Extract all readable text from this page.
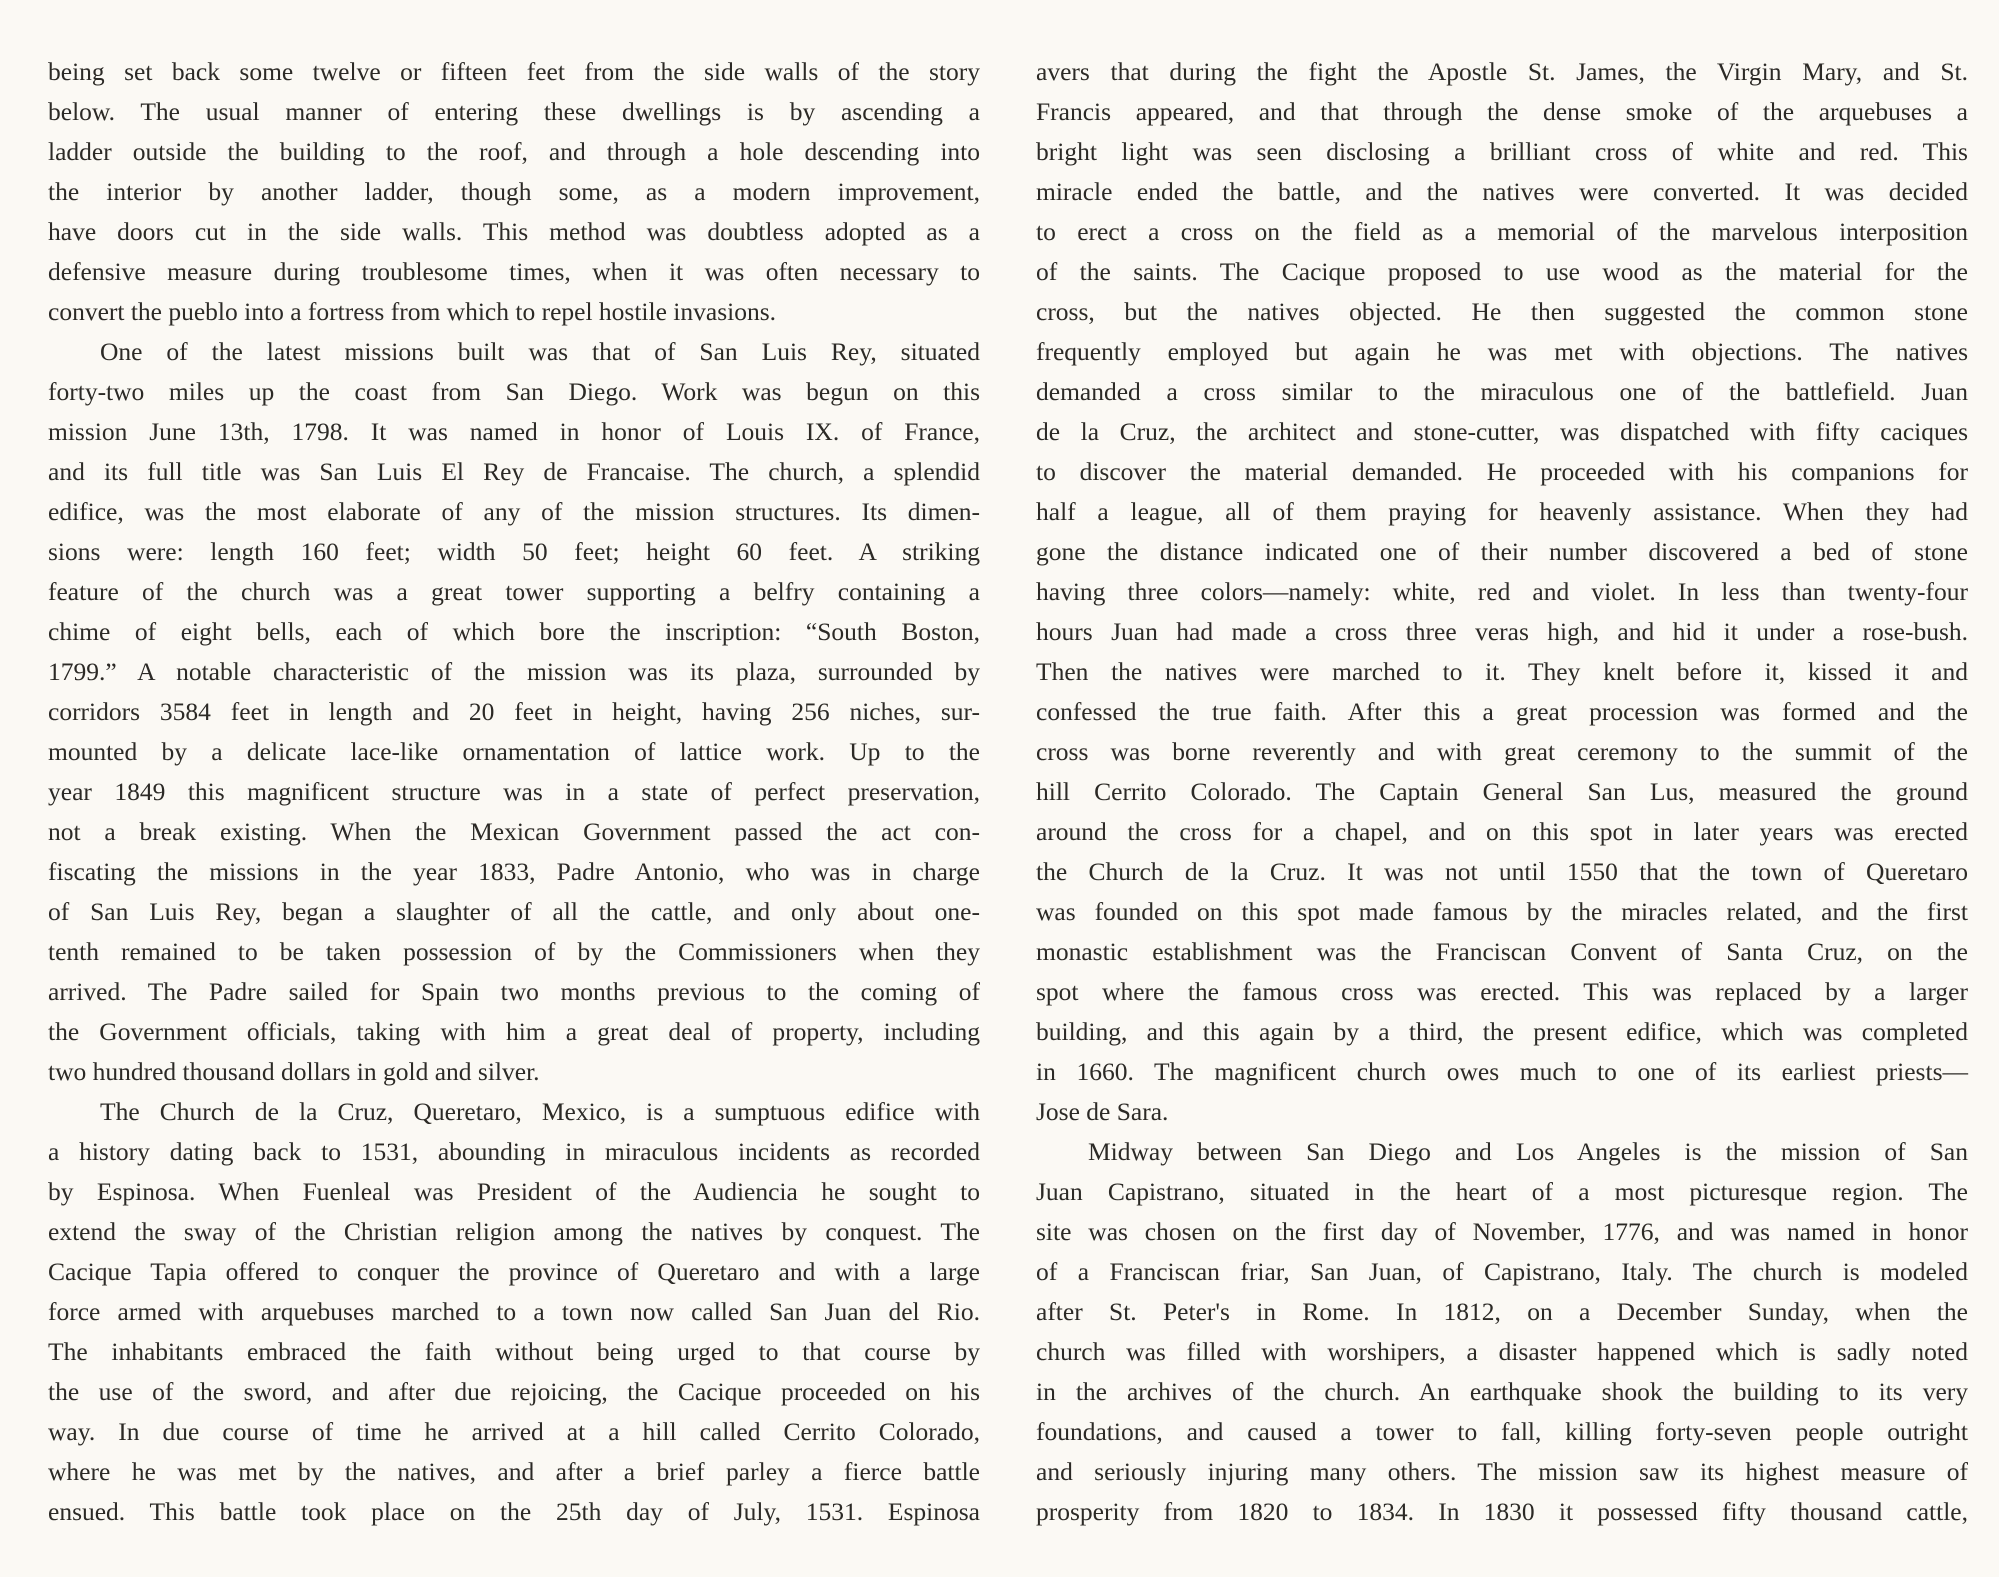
being set back some twelve or fifteen feet from the side walls of the story
below. The usual manner of entering these dwellings is by ascending a
ladder outside the building to the roof, and through a hole descending into
the interior by another ladder, though some, as a modern improvement,
have doors cut in the side walls. This method was doubtless adopted as a
defensive measure during troublesome times, when it was often necessary to
convert the pueblo into a fortress from which to repel hostile invasions.
One of the latest missions built was that of San Luis Rey, situated
forty-two miles up the coast from San Diego. Work was begun on this
mission June 13th, 1798. It was named in honor of Louis IX. of France,
and its full title was San Luis El Rey de Francaise. The church, a splendid
edifice, was the most elaborate of any of the mission structures. Its dimen-
sions were: length 160 feet; width 50 feet; height 60 feet. A striking
feature of the church was a great tower supporting a belfry containing a
chime of eight bells, each of which bore the inscription: “South Boston,
1799.” A notable characteristic of the mission was its plaza, surrounded by
corridors 3584 feet in length and 20 feet in height, having 256 niches, sur-
mounted by a delicate lace-like ornamentation of lattice work. Up to the
year 1849 this magnificent structure was in a state of perfect preservation,
not a break existing. When the Mexican Government passed the act con-
fiscating the missions in the year 1833, Padre Antonio, who was in charge
of San Luis Rey, began a slaughter of all the cattle, and only about one-
tenth remained to be taken possession of by the Commissioners when they
arrived. The Padre sailed for Spain two months previous to the coming of
the Government officials, taking with him a great deal of property, including
two hundred thousand dollars in gold and silver.
The Church de la Cruz, Queretaro, Mexico, is a sumptuous edifice with
a history dating back to 1531, abounding in miraculous incidents as recorded
by Espinosa. When Fuenleal was President of the Audiencia he sought to
extend the sway of the Christian religion among the natives by conquest. The
Cacique Tapia offered to conquer the province of Queretaro and with a large
force armed with arquebuses marched to a town now called San Juan del Rio.
The inhabitants embraced the faith without being urged to that course by
the use of the sword, and after due rejoicing, the Cacique proceeded on his
way. In due course of time he arrived at a hill called Cerrito Colorado,
where he was met by the natives, and after a brief parley a fierce battle
ensued. This battle took place on the 25th day of July, 1531. Espinosa
avers that during the fight the Apostle St. James, the Virgin Mary, and St.
Francis appeared, and that through the dense smoke of the arquebuses a
bright light was seen disclosing a brilliant cross of white and red. This
miracle ended the battle, and the natives were converted. It was decided
to erect a cross on the field as a memorial of the marvelous interposition
of the saints. The Cacique proposed to use wood as the material for the
cross, but the natives objected. He then suggested the common stone
frequently employed but again he was met with objections. The natives
demanded a cross similar to the miraculous one of the battlefield. Juan
de la Cruz, the architect and stone-cutter, was dispatched with fifty caciques
to discover the material demanded. He proceeded with his companions for
half a league, all of them praying for heavenly assistance. When they had
gone the distance indicated one of their number discovered a bed of stone
having three colors—namely: white, red and violet. In less than twenty-four
hours Juan had made a cross three veras high, and hid it under a rose-bush.
Then the natives were marched to it. They knelt before it, kissed it and
confessed the true faith. After this a great procession was formed and the
cross was borne reverently and with great ceremony to the summit of the
hill Cerrito Colorado. The Captain General San Lus, measured the ground
around the cross for a chapel, and on this spot in later years was erected
the Church de la Cruz. It was not until 1550 that the town of Queretaro
was founded on this spot made famous by the miracles related, and the first
monastic establishment was the Franciscan Convent of Santa Cruz, on the
spot where the famous cross was erected. This was replaced by a larger
building, and this again by a third, the present edifice, which was completed
in 1660. The magnificent church owes much to one of its earliest priests—
Jose de Sara.
Midway between San Diego and Los Angeles is the mission of San
Juan Capistrano, situated in the heart of a most picturesque region. The
site was chosen on the first day of November, 1776, and was named in honor
of a Franciscan friar, San Juan, of Capistrano, Italy. The church is modeled
after St. Peter's in Rome. In 1812, on a December Sunday, when the
church was filled with worshipers, a disaster happened which is sadly noted
in the archives of the church. An earthquake shook the building to its very
foundations, and caused a tower to fall, killing forty-seven people outright
and seriously injuring many others. The mission saw its highest measure of
prosperity from 1820 to 1834. In 1830 it possessed fifty thousand cattle,
